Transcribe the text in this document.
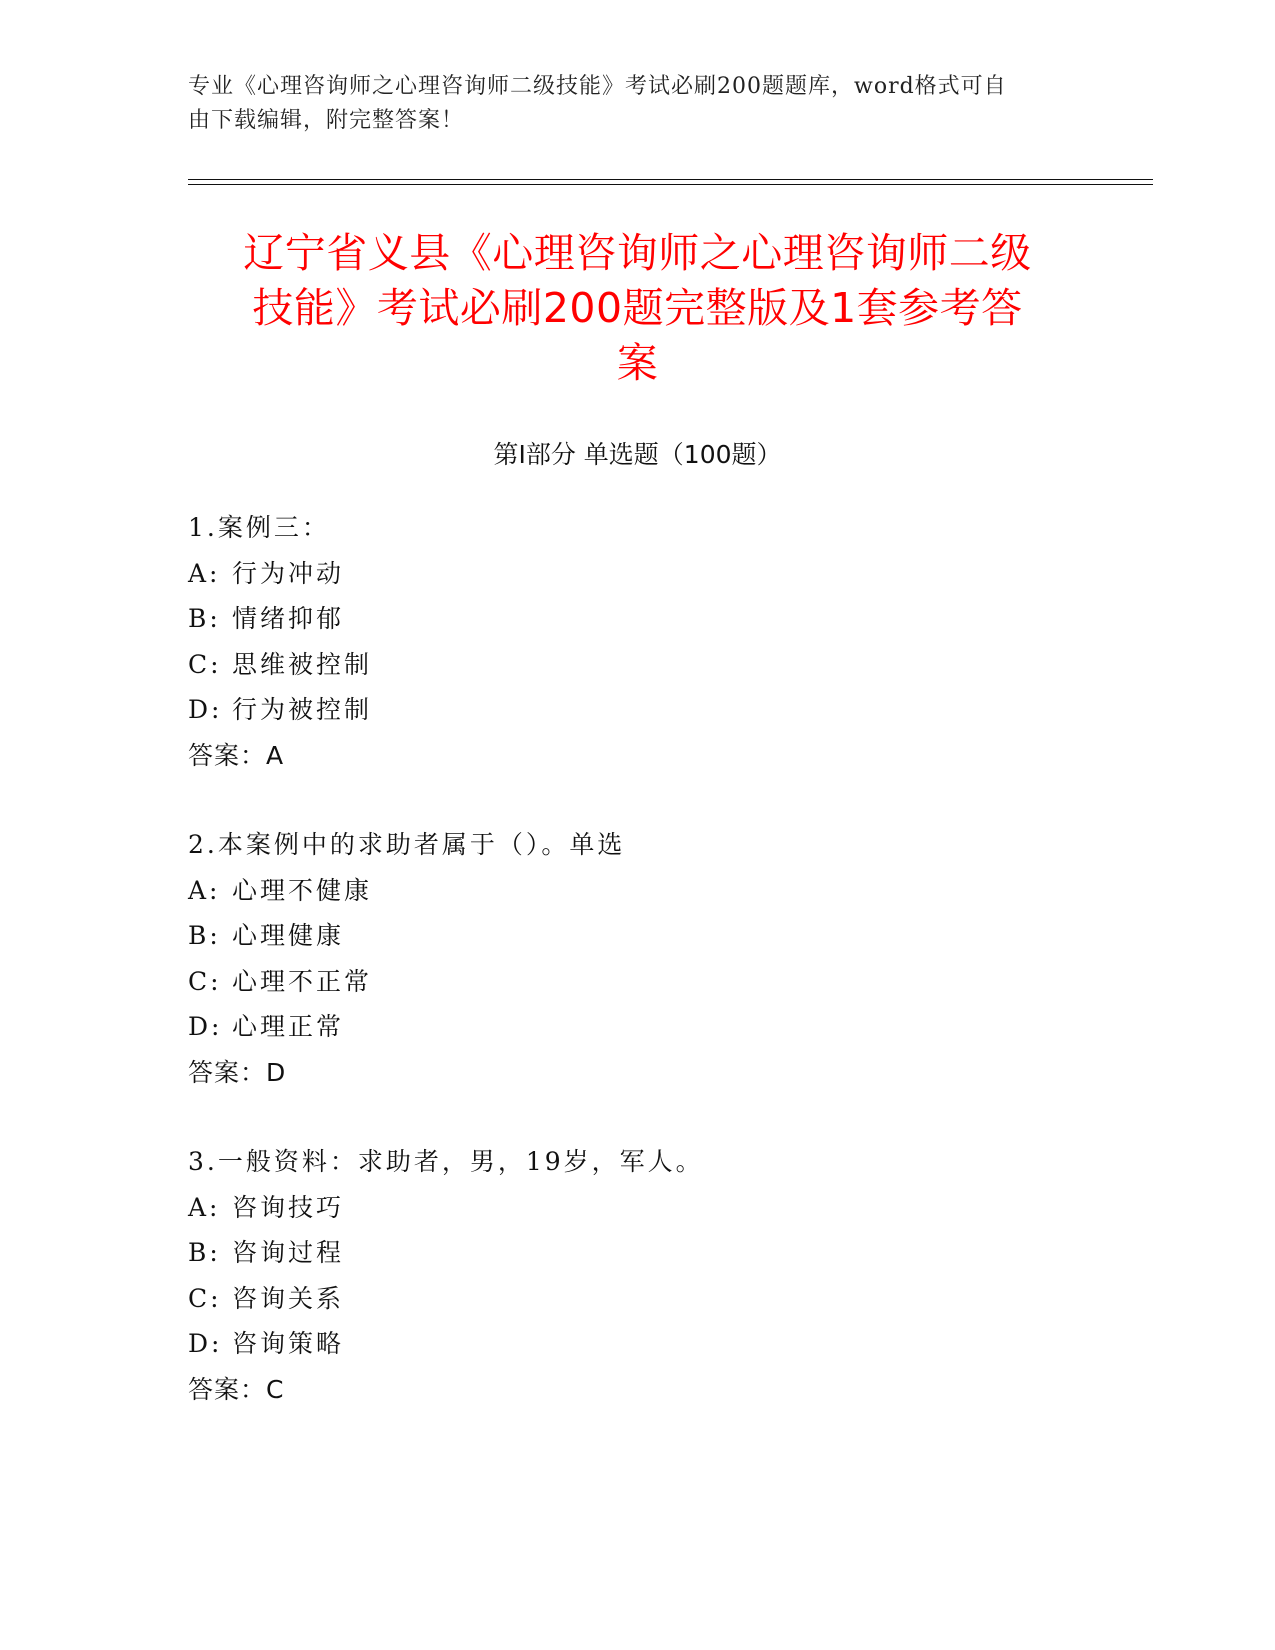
专业《心理咨询师之心理咨询师二级技能》考试必刷200题题库，word格式可自
由下载编辑，附完整答案！
辽宁省义县《心理咨询师之心理咨询师二级
技能》考试必刷200题完整版及1套参考答
案
第Ⅰ部分 单选题（100题）
1.案例三：
A: 行为冲动
B: 情绪抑郁
C: 思维被控制
D: 行为被控制
答案：A
2.本案例中的求助者属于（）。单选
A: 心理不健康
B: 心理健康
C: 心理不正常
D: 心理正常
答案：D
3.一般资料：求助者，男，19岁，军人。
A: 咨询技巧
B: 咨询过程
C: 咨询关系
D: 咨询策略
答案：C
